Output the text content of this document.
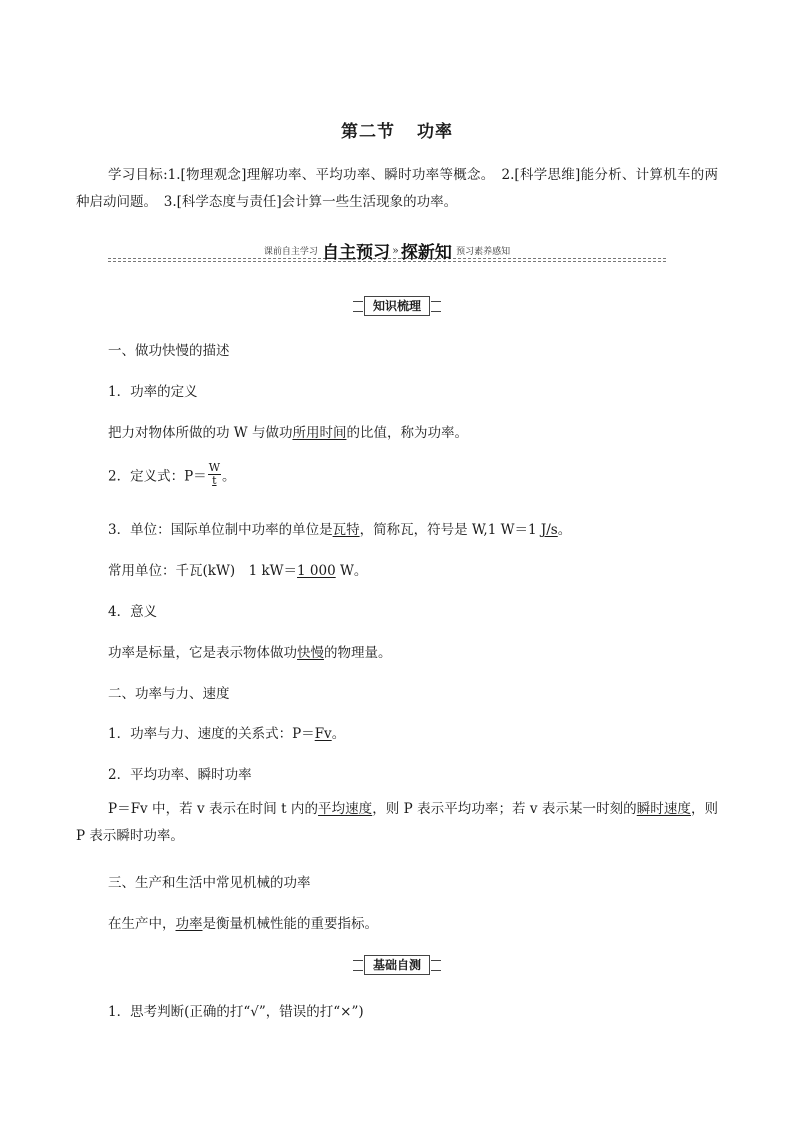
第二节 功率
学习目标:1.[物理观念]理解功率、平均功率、瞬时功率等概念。　2.[科学思维]能分析、计算机车的两种启动问题。　3.[科学态度与责任]会计算一些生活现象的功率。
课前自主学习 自主预习 » 探新知 预习素养感知
知识梳理
一、做功快慢的描述
1．功率的定义
把力对物体所做的功 W 与做功所用时间的比值，称为功率。
2．定义式：$P= \frac{W}{t}$ 。
3．单位：国际单位制中功率的单位是瓦特，简称瓦，符号是 W,1 W＝1 J/s。
常用单位：千瓦(kW)　1 kW＝1 000 W。
4．意义
功率是标量，它是表示物体做功快慢的物理量。
二、功率与力、速度
1．功率与力、速度的关系式：P＝Fv。
2．平均功率、瞬时功率
P＝Fv 中，若 v 表示在时间 t 内的平均速度，则 P 表示平均功率；若 v 表示某一时刻的瞬时速度，则 P 表示瞬时功率。
三、生产和生活中常见机械的功率
在生产中，功率是衡量机械性能的重要指标。
基础自测
1．思考判断(正确的打“√”，错误的打“×”)
